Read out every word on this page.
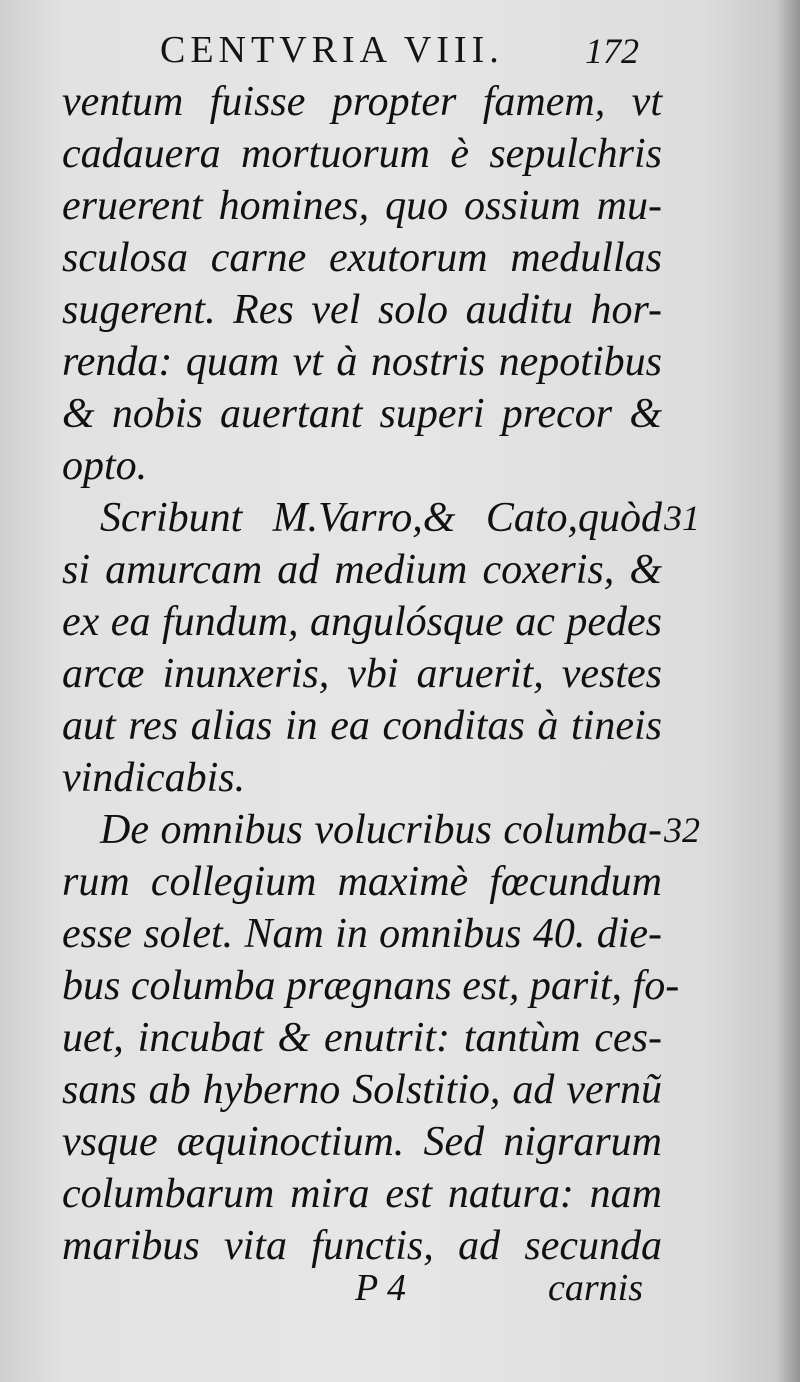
CENTVRIA VIII. 172
ventum fuisse propter famem, vt
cadauera mortuorum è sepulchris
eruerent homines, quo ossium mu-
sculosa carne exutorum medullas
sugerent. Res vel solo auditu hor-
renda: quam vt à nostris nepotibus
& nobis auertant superi precor &
opto.
Scribunt M.Varro,& Cato,quòd 31
si amurcam ad medium coxeris, &
ex ea fundum, angulósque ac pedes
arcæ inunxeris, vbi aruerit, vestes
aut res alias in ea conditas à tineis
vindicabis.
De omnibus volucribus columba- 32
rum collegium maximè fœcundum
esse solet. Nam in omnibus 40. die-
bus columba prægnans est, parit, fo-
uet, incubat & enutrit: tantùm ces-
sans ab hyberno Solstitio, ad vernũ
vsque æquinoctium. Sed nigrarum
columbarum mira est natura: nam
maribus vita functis, ad secunda
P 4	carnis
